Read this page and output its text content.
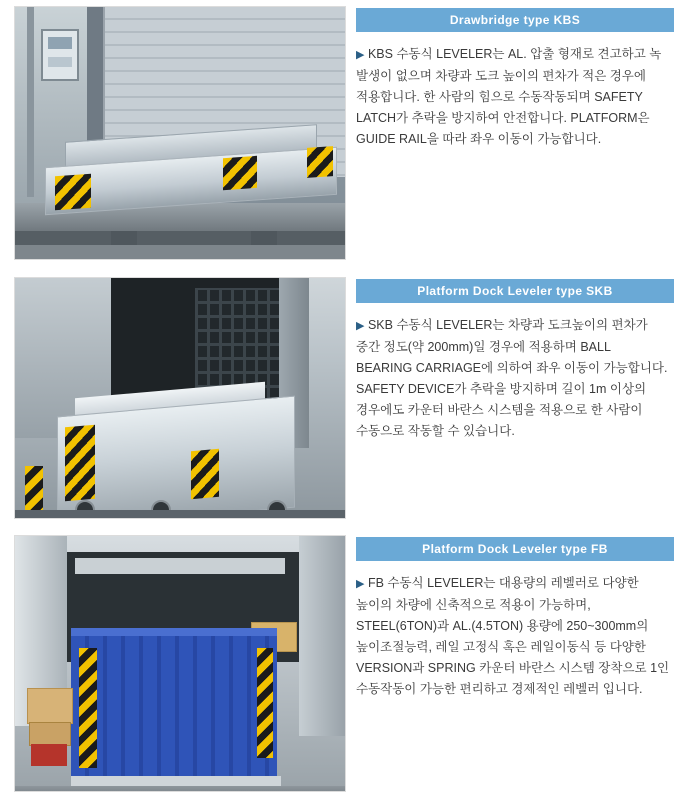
Drawbridge type KBS
▶ KBS 수동식 LEVELER는 AL. 압출 형재로 견고하고 녹 발생이 없으며 차량과 도크 높이의 편차가 적은 경우에 적용합니다. 한 사람의 힘으로 수동작동되며 SAFETY LATCH가 추락을 방지하여 안전합니다. PLATFORM은 GUIDE RAIL을 따라 좌우 이동이 가능합니다.
Platform Dock Leveler type SKB
▶ SKB 수동식 LEVELER는 차량과 도크높이의 편차가 중간 정도(약 200mm)일 경우에 적용하며 BALL BEARING CARRIAGE에 의하여 좌우 이동이 가능합니다. SAFETY DEVICE가 추락을 방지하며 길이 1m 이상의 경우에도 카운터 바란스 시스템을 적용으로 한 사람이 수동으로 작동할 수 있습니다.
Platform Dock Leveler type FB
▶ FB 수동식 LEVELER는 대용량의 레벨러로 다양한 높이의 차량에 신축적으로 적용이 가능하며, STEEL(6TON)과 AL.(4.5TON) 용량에 250~300mm의 높이조절능력, 레일 고정식 혹은 레일이동식 등 다양한 VERSION과 SPRING 카운터 바란스 시스템 장착으로 1인 수동작동이 가능한 편리하고 경제적인 레벨러 입니다.
